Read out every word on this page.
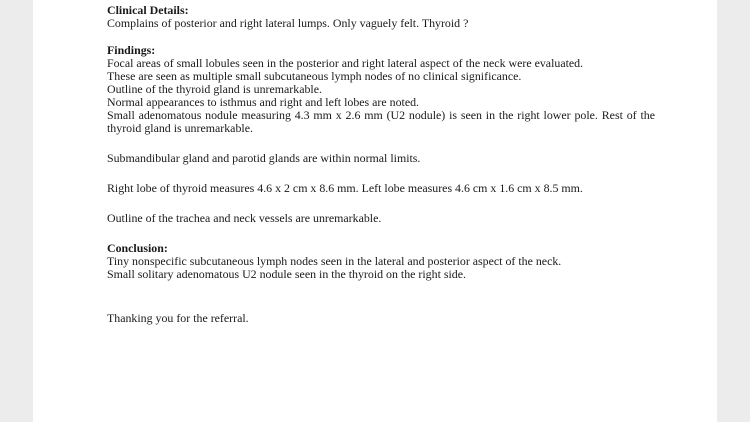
Clinical Details:
Complains of posterior and right lateral lumps. Only vaguely felt. Thyroid ?
Findings:
Focal areas of small lobules seen in the posterior and right lateral aspect of the neck were evaluated.
These are seen as multiple small subcutaneous lymph nodes of no clinical significance.
Outline of the thyroid gland is unremarkable.
Normal appearances to isthmus and right and left lobes are noted.
Small adenomatous nodule measuring 4.3 mm x 2.6 mm (U2 nodule) is seen in the right lower pole. Rest of the thyroid gland is unremarkable.
Submandibular gland and parotid glands are within normal limits.
Right lobe of thyroid measures 4.6 x 2 cm x 8.6 mm. Left lobe measures 4.6 cm x 1.6 cm x 8.5 mm.
Outline of the trachea and neck vessels are unremarkable.
Conclusion:
Tiny nonspecific subcutaneous lymph nodes seen in the lateral and posterior aspect of the neck.
Small solitary adenomatous U2 nodule seen in the thyroid on the right side.
Thanking you for the referral.
